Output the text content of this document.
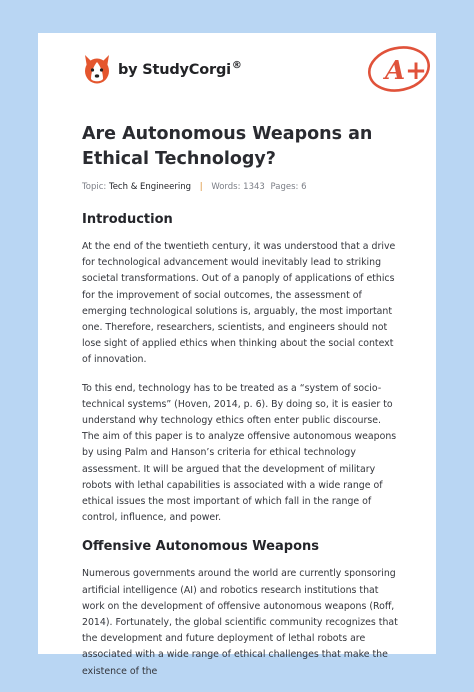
by StudyCorgi®	A+
Are Autonomous Weapons an Ethical Technology?
Topic: Tech & Engineering | Words: 1343 Pages: 6
Introduction

At the end of the twentieth century, it was understood that a drive for technological advancement would inevitably lead to striking societal transformations. Out of a panoply of applications of ethics for the improvement of social outcomes, the assessment of emerging technological solutions is, arguably, the most important one. Therefore, researchers, scientists, and engineers should not lose sight of applied ethics when thinking about the social context of innovation.

To this end, technology has to be treated as a “system of socio-technical systems” (Hoven, 2014, p. 6). By doing so, it is easier to understand why technology ethics often enter public discourse. The aim of this paper is to analyze offensive autonomous weapons by using Palm and Hanson’s criteria for ethical technology assessment. It will be argued that the development of military robots with lethal capabilities is associated with a wide range of ethical issues the most important of which fall in the range of control, influence, and power.

Offensive Autonomous Weapons

Numerous governments around the world are currently sponsoring artificial intelligence (AI) and robotics research institutions that work on the development of offensive autonomous weapons (Roff, 2014). Fortunately, the global scientific community recognizes that the development and future deployment of lethal robots are associated with a wide range of ethical challenges that make the existence of the
